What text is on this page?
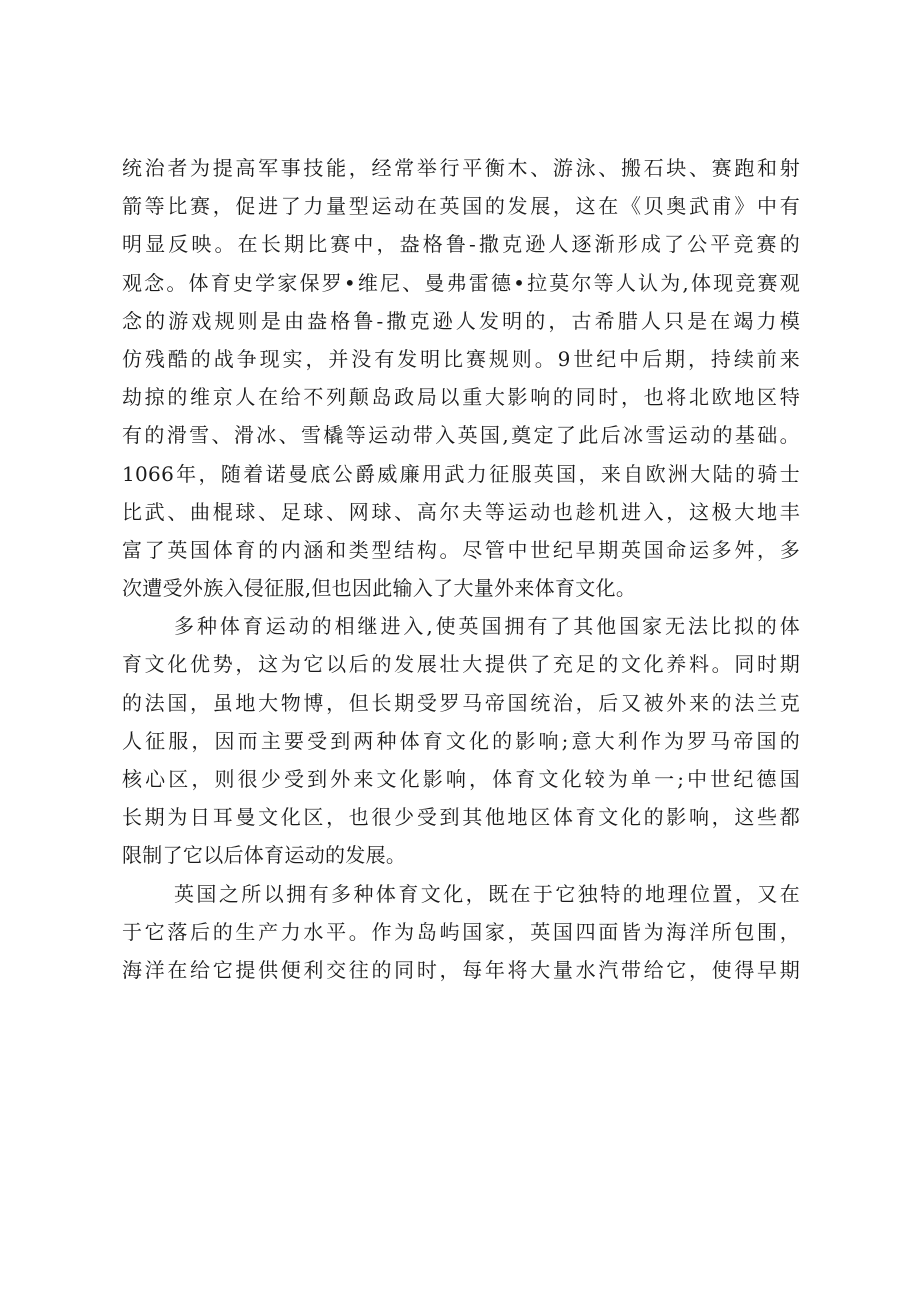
统治者为提高军事技能，经常举行平衡木、游泳、搬石块、赛跑和射
箭等比赛，促进了力量型运动在英国的发展，这在《贝奥武甫》中有
明显反映。在长期比赛中，盎格鲁-撒克逊人逐渐形成了公平竞赛的
观念。体育史学家保罗•维尼、曼弗雷德•拉莫尔等人认为,体现竞赛观
念的游戏规则是由盎格鲁-撒克逊人发明的，古希腊人只是在竭力模
仿残酷的战争现实，并没有发明比赛规则。9世纪中后期，持续前来
劫掠的维京人在给不列颠岛政局以重大影响的同时，也将北欧地区特
有的滑雪、滑冰、雪橇等运动带入英国,奠定了此后冰雪运动的基础。
1066年，随着诺曼底公爵威廉用武力征服英国，来自欧洲大陆的骑士
比武、曲棍球、足球、网球、高尔夫等运动也趁机进入，这极大地丰
富了英国体育的内涵和类型结构。尽管中世纪早期英国命运多舛，多
次遭受外族入侵征服,但也因此输入了大量外来体育文化。
多种体育运动的相继进入,使英国拥有了其他国家无法比拟的体
育文化优势，这为它以后的发展壮大提供了充足的文化养料。同时期
的法国，虽地大物博，但长期受罗马帝国统治，后又被外来的法兰克
人征服，因而主要受到两种体育文化的影响;意大利作为罗马帝国的
核心区，则很少受到外来文化影响，体育文化较为单一;中世纪德国
长期为日耳曼文化区，也很少受到其他地区体育文化的影响，这些都
限制了它以后体育运动的发展。
英国之所以拥有多种体育文化，既在于它独特的地理位置，又在
于它落后的生产力水平。作为岛屿国家，英国四面皆为海洋所包围，
海洋在给它提供便利交往的同时，每年将大量水汽带给它，使得早期
